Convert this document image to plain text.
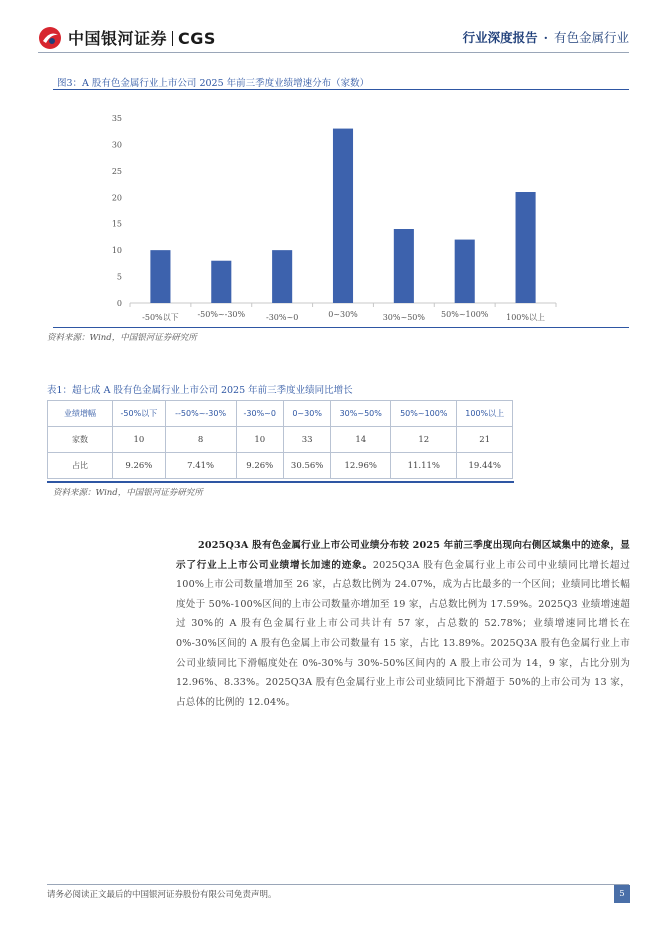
中国银河证券 CGS	行业深度报告 · 有色金属行业
图3：A 股有色金属行业上市公司 2025 年前三季度业绩增速分布（家数）
0
5
10
15
20
25
30
35
-50%以下 -50%~-30%	-30%~0	0~30%	30%~50% 50%~100% 100%以上
资料来源：Wind，中国银河证券研究所
表1：超七成 A 股有色金属行业上市公司 2025 年前三季度业绩同比增长
业绩增幅	-50%以下	--50%~-30%	-30%~0	0~30%	30%~50%	50%~100%	100%以上
家数	10	8	10	33	14	12	21
占比	9.26%	7.41%	9.26%	30.56%	12.96%	11.11%	19.44%
资料来源：Wind，中国银河证券研究所
2025Q3A 股有色金属行业上市公司业绩分布较 2025 年前三季度出现向右侧区域集中的迹象，显示了行业上上市公司业绩增长加速的迹象。2025Q3A 股有色金属行业上市公司中业绩同比增长超过 100%上市公司数量增加至 26 家，占总数比例为 24.07%，成为占比最多的一个区间；业绩同比增长幅度处于 50%-100%区间的上市公司数量亦增加至 19 家，占总数比例为 17.59%。2025Q3 业绩增速超过 30%的 A 股有色金属行业上市公司共计有 57 家，占总数的 52.78%；业绩增速同比增长在 0%-30%区间的 A 股有色金属上市公司数量有 15 家，占比 13.89%。2025Q3A 股有色金属行业上市公司业绩同比下滑幅度处在 0%-30%与 30%-50%区间内的 A 股上市公司为 14，9 家，占比分别为 12.96%、8.33%。2025Q3A 股有色金属行业上市公司业绩同比下滑超于 50%的上市公司为 13 家，占总体的比例的 12.04%。
请务必阅读正文最后的中国银河证券股份有限公司免责声明。	5
